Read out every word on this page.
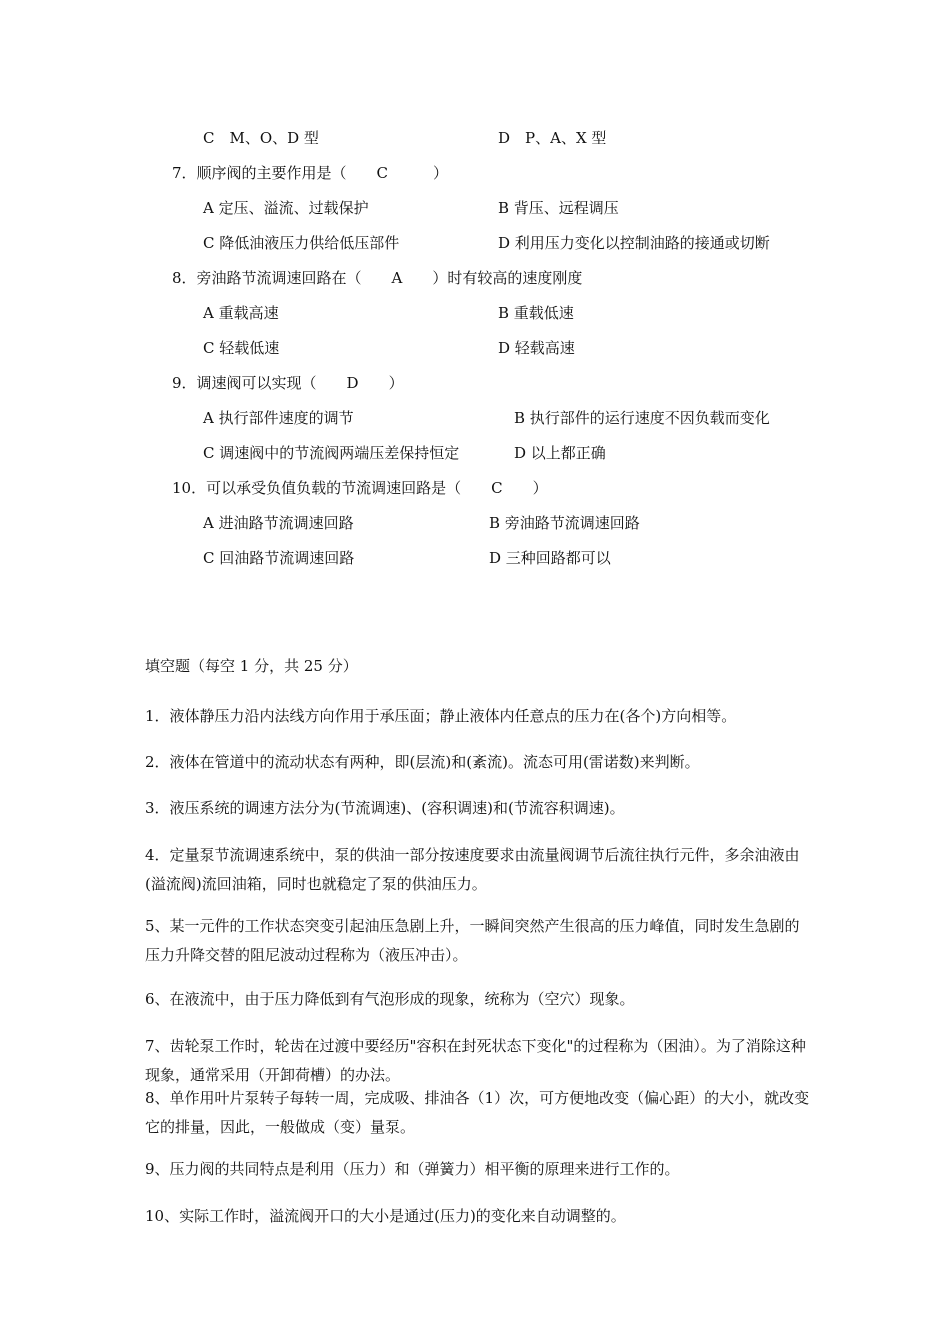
C　M、O、D 型	D　P、A、X 型
7．顺序阀的主要作用是（　　C　　　）
A 定压、溢流、过载保护	B 背压、远程调压
C 降低油液压力供给低压部件	D 利用压力变化以控制油路的接通或切断
8．旁油路节流调速回路在（　　A　　）时有较高的速度刚度
A 重载高速	B 重载低速
C 轻载低速	D 轻载高速
9．调速阀可以实现（　　D　　）
A 执行部件速度的调节	B 执行部件的运行速度不因负载而变化
C 调速阀中的节流阀两端压差保持恒定	D 以上都正确
10．可以承受负值负载的节流调速回路是（　　C　　）
A 进油路节流调速回路	B 旁油路节流调速回路
C 回油路节流调速回路	D 三种回路都可以
填空题（每空 1 分，共 25 分）
1．液体静压力沿内法线方向作用于承压面；静止液体内任意点的压力在(各个)方向相等。
2．液体在管道中的流动状态有两种，即(层流)和(紊流)。流态可用(雷诺数)来判断。
3．液压系统的调速方法分为(节流调速)、(容积调速)和(节流容积调速)。
4．定量泵节流调速系统中，泵的供油一部分按速度要求由流量阀调节后流往执行元件，多余油液由(溢流阀)流回油箱，同时也就稳定了泵的供油压力。
5、某一元件的工作状态突变引起油压急剧上升，一瞬间突然产生很高的压力峰值，同时发生急剧的压力升降交替的阻尼波动过程称为（液压冲击）。
6、在液流中，由于压力降低到有气泡形成的现象，统称为（空穴）现象。
7、齿轮泵工作时，轮齿在过渡中要经历"容积在封死状态下变化"的过程称为（困油）。为了消除这种现象，通常采用（开卸荷槽）的办法。
8、单作用叶片泵转子每转一周，完成吸、排油各（1）次，可方便地改变（偏心距）的大小，就改变它的排量，因此，一般做成（变）量泵。
9、压力阀的共同特点是利用（压力）和（弹簧力）相平衡的原理来进行工作的。
10、实际工作时，溢流阀开口的大小是通过(压力)的变化来自动调整的。
